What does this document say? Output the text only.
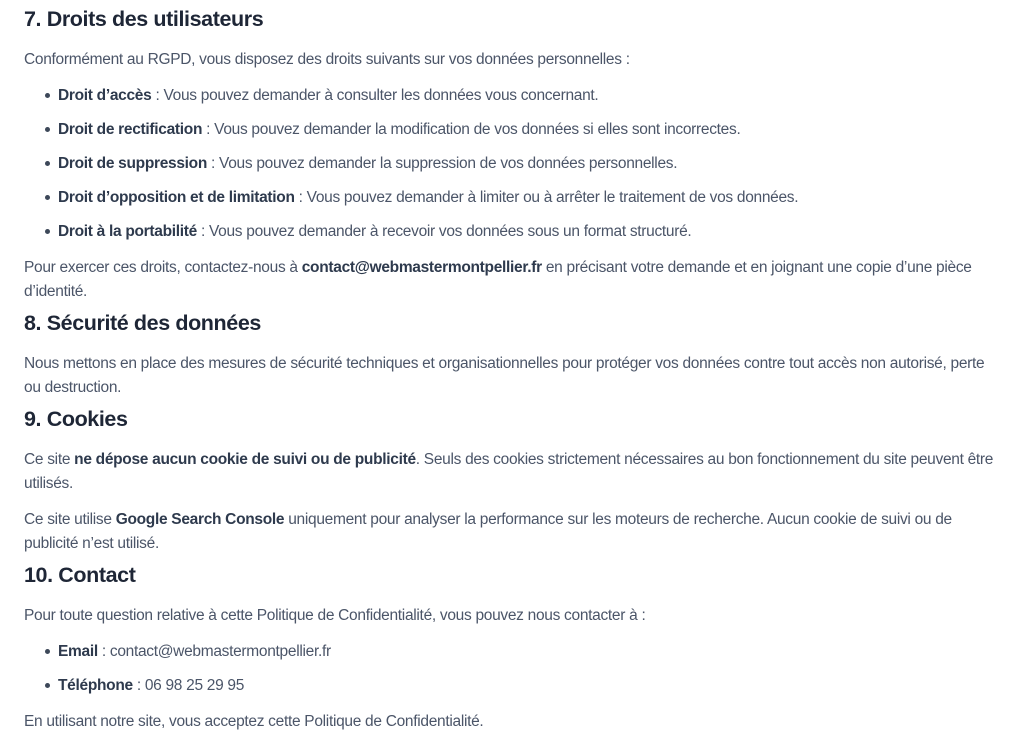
7. Droits des utilisateurs

Conformément au RGPD, vous disposez des droits suivants sur vos données personnelles :

Droit d’accès : Vous pouvez demander à consulter les données vous concernant.
Droit de rectification : Vous pouvez demander la modification de vos données si elles sont incorrectes.
Droit de suppression : Vous pouvez demander la suppression de vos données personnelles.
Droit d’opposition et de limitation : Vous pouvez demander à limiter ou à arrêter le traitement de vos données.
Droit à la portabilité : Vous pouvez demander à recevoir vos données sous un format structuré.

Pour exercer ces droits, contactez-nous à contact@webmastermontpellier.fr en précisant votre demande et en joignant une copie d’une pièce d’identité.

8. Sécurité des données

Nous mettons en place des mesures de sécurité techniques et organisationnelles pour protéger vos données contre tout accès non autorisé, perte ou destruction.

9. Cookies

Ce site ne dépose aucun cookie de suivi ou de publicité. Seuls des cookies strictement nécessaires au bon fonctionnement du site peuvent être utilisés.

Ce site utilise Google Search Console uniquement pour analyser la performance sur les moteurs de recherche. Aucun cookie de suivi ou de publicité n’est utilisé.

10. Contact

Pour toute question relative à cette Politique de Confidentialité, vous pouvez nous contacter à :

Email : contact@webmastermontpellier.fr
Téléphone : 06 98 25 29 95

En utilisant notre site, vous acceptez cette Politique de Confidentialité.
